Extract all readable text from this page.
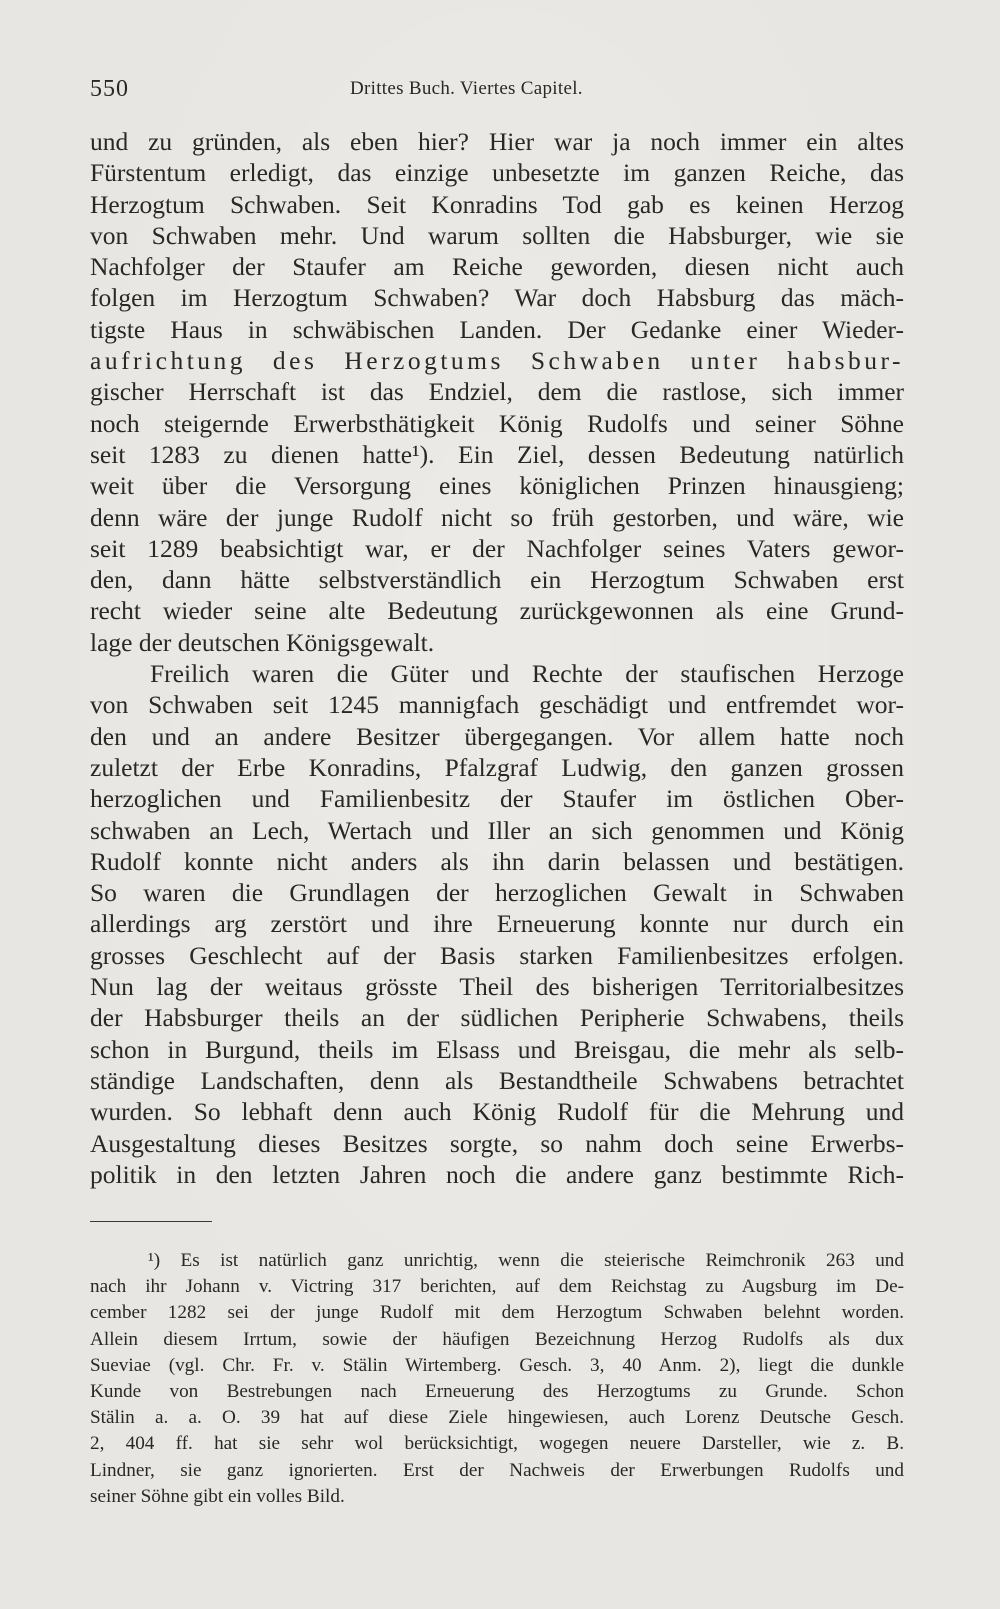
550	Drittes Buch. Viertes Capitel.
und zu gründen, als eben hier? Hier war ja noch immer ein altes
Fürstentum erledigt, das einzige unbesetzte im ganzen Reiche, das
Herzogtum Schwaben. Seit Konradins Tod gab es keinen Herzog
von Schwaben mehr. Und warum sollten die Habsburger, wie sie
Nachfolger der Staufer am Reiche geworden, diesen nicht auch
folgen im Herzogtum Schwaben? War doch Habsburg das mäch-
tigste Haus in schwäbischen Landen. Der Gedanke einer Wieder-
aufrichtung des Herzogtums Schwaben unter habsbur-
gischer Herrschaft ist das Endziel, dem die rastlose, sich immer
noch steigernde Erwerbsthätigkeit König Rudolfs und seiner Söhne
seit 1283 zu dienen hatte¹). Ein Ziel, dessen Bedeutung natürlich
weit über die Versorgung eines königlichen Prinzen hinausgieng;
denn wäre der junge Rudolf nicht so früh gestorben, und wäre, wie
seit 1289 beabsichtigt war, er der Nachfolger seines Vaters gewor-
den, dann hätte selbstverständlich ein Herzogtum Schwaben erst
recht wieder seine alte Bedeutung zurückgewonnen als eine Grund-
lage der deutschen Königsgewalt.
Freilich waren die Güter und Rechte der staufischen Herzoge
von Schwaben seit 1245 mannigfach geschädigt und entfremdet wor-
den und an andere Besitzer übergegangen. Vor allem hatte noch
zuletzt der Erbe Konradins, Pfalzgraf Ludwig, den ganzen grossen
herzoglichen und Familienbesitz der Staufer im östlichen Ober-
schwaben an Lech, Wertach und Iller an sich genommen und König
Rudolf konnte nicht anders als ihn darin belassen und bestätigen.
So waren die Grundlagen der herzoglichen Gewalt in Schwaben
allerdings arg zerstört und ihre Erneuerung konnte nur durch ein
grosses Geschlecht auf der Basis starken Familienbesitzes erfolgen.
Nun lag der weitaus grösste Theil des bisherigen Territorialbesitzes
der Habsburger theils an der südlichen Peripherie Schwabens, theils
schon in Burgund, theils im Elsass und Breisgau, die mehr als selb-
ständige Landschaften, denn als Bestandtheile Schwabens betrachtet
wurden. So lebhaft denn auch König Rudolf für die Mehrung und
Ausgestaltung dieses Besitzes sorgte, so nahm doch seine Erwerbs-
politik in den letzten Jahren noch die andere ganz bestimmte Rich-
¹) Es ist natürlich ganz unrichtig, wenn die steierische Reimchronik 263 und
nach ihr Johann v. Victring 317 berichten, auf dem Reichstag zu Augsburg im De-
cember 1282 sei der junge Rudolf mit dem Herzogtum Schwaben belehnt worden.
Allein diesem Irrtum, sowie der häufigen Bezeichnung Herzog Rudolfs als dux
Sueviae (vgl. Chr. Fr. v. Stälin Wirtemberg. Gesch. 3, 40 Anm. 2), liegt die dunkle
Kunde von Bestrebungen nach Erneuerung des Herzogtums zu Grunde. Schon
Stälin a. a. O. 39 hat auf diese Ziele hingewiesen, auch Lorenz Deutsche Gesch.
2, 404 ff. hat sie sehr wol berücksichtigt, wogegen neuere Darsteller, wie z. B.
Lindner, sie ganz ignorierten. Erst der Nachweis der Erwerbungen Rudolfs und
seiner Söhne gibt ein volles Bild.
